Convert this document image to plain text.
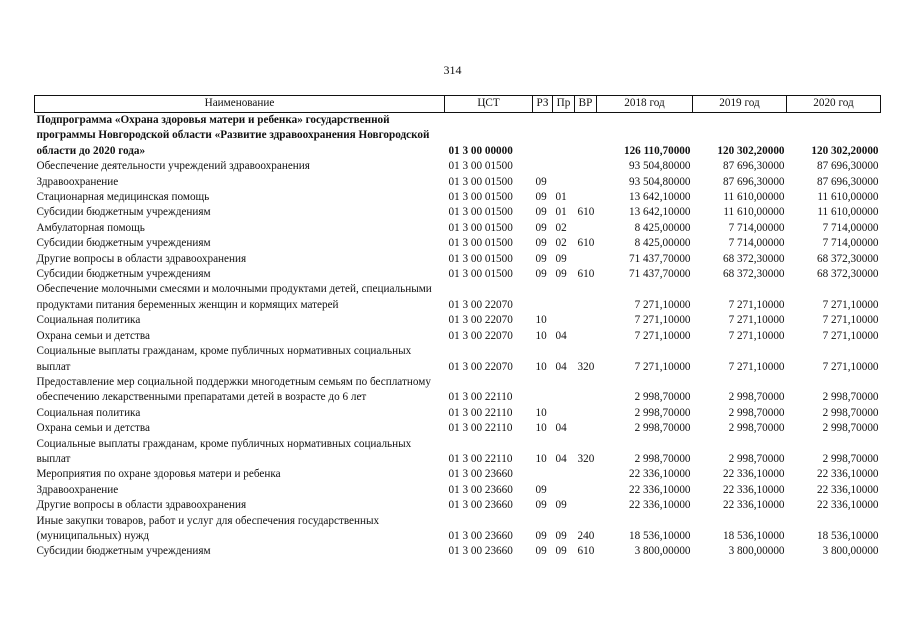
314
Наименование	ЦСТ	РЗ	Пр	ВР	2018 год	2019 год	2020 год
Подпрограмма «Охрана здоровья матери и ребенка» государственной программы Новгородской области «Развитие здравоохранения Новгородской области до 2020 года»	01 3 00 00000				126 110,70000	120 302,20000	120 302,20000
Обеспечение деятельности учреждений здравоохранения	01 3 00 01500				93 504,80000	87 696,30000	87 696,30000
Здравоохранение	01 3 00 01500	09			93 504,80000	87 696,30000	87 696,30000
Стационарная медицинская помощь	01 3 00 01500	09	01		13 642,10000	11 610,00000	11 610,00000
Субсидии бюджетным учреждениям	01 3 00 01500	09	01	610	13 642,10000	11 610,00000	11 610,00000
Амбулаторная помощь	01 3 00 01500	09	02		8 425,00000	7 714,00000	7 714,00000
Субсидии бюджетным учреждениям	01 3 00 01500	09	02	610	8 425,00000	7 714,00000	7 714,00000
Другие вопросы в области здравоохранения	01 3 00 01500	09	09		71 437,70000	68 372,30000	68 372,30000
Субсидии бюджетным учреждениям	01 3 00 01500	09	09	610	71 437,70000	68 372,30000	68 372,30000
Обеспечение молочными смесями и молочными продуктами детей, специальными продуктами питания беременных женщин и кормящих матерей	01 3 00 22070				7 271,10000	7 271,10000	7 271,10000
Социальная политика	01 3 00 22070	10			7 271,10000	7 271,10000	7 271,10000
Охрана семьи и детства	01 3 00 22070	10	04		7 271,10000	7 271,10000	7 271,10000
Социальные выплаты гражданам, кроме публичных нормативных социальных выплат	01 3 00 22070	10	04	320	7 271,10000	7 271,10000	7 271,10000
Предоставление мер социальной поддержки многодетным семьям по бесплатному обеспечению лекарственными препаратами детей в возрасте до 6 лет	01 3 00 22110				2 998,70000	2 998,70000	2 998,70000
Социальная политика	01 3 00 22110	10			2 998,70000	2 998,70000	2 998,70000
Охрана семьи и детства	01 3 00 22110	10	04		2 998,70000	2 998,70000	2 998,70000
Социальные выплаты гражданам, кроме публичных нормативных социальных выплат	01 3 00 22110	10	04	320	2 998,70000	2 998,70000	2 998,70000
Мероприятия по охране здоровья матери и ребенка	01 3 00 23660				22 336,10000	22 336,10000	22 336,10000
Здравоохранение	01 3 00 23660	09			22 336,10000	22 336,10000	22 336,10000
Другие вопросы в области здравоохранения	01 3 00 23660	09	09		22 336,10000	22 336,10000	22 336,10000
Иные закупки товаров, работ и услуг для обеспечения государственных (муниципальных) нужд	01 3 00 23660	09	09	240	18 536,10000	18 536,10000	18 536,10000
Субсидии бюджетным учреждениям	01 3 00 23660	09	09	610	3 800,00000	3 800,00000	3 800,00000
